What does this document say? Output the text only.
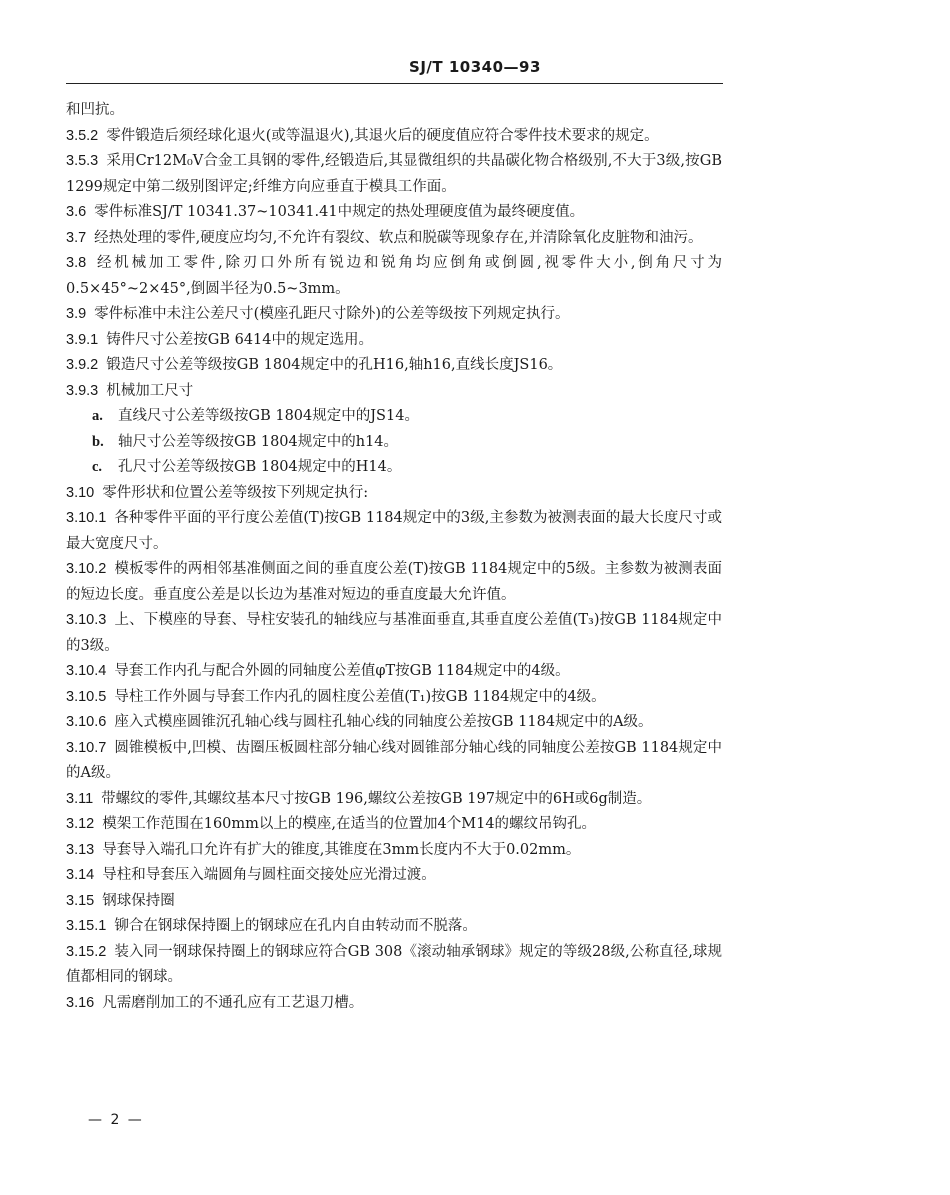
SJ/T 10340—93

和凹抗。

3.5.2 零件锻造后须经球化退火(或等温退火),其退火后的硬度值应符合零件技术要求的规定。

3.5.3 采用Cr12M₀V合金工具钢的零件,经锻造后,其显微组织的共晶碳化物合格级别,不大于3级,按GB 1299规定中第二级别图评定;纤维方向应垂直于模具工作面。

3.6 零件标准SJ/T 10341.37~10341.41中规定的热处理硬度值为最终硬度值。

3.7 经热处理的零件,硬度应均匀,不允许有裂纹、软点和脱碳等现象存在,并清除氧化皮脏物和油污。

3.8 经机械加工零件,除刃口外所有锐边和锐角均应倒角或倒圆,视零件大小,倒角尺寸为0.5×45°~2×45°,倒圆半径为0.5~3mm。

3.9 零件标准中未注公差尺寸(模座孔距尺寸除外)的公差等级按下列规定执行。

3.9.1 铸件尺寸公差按GB 6414中的规定选用。

3.9.2 锻造尺寸公差等级按GB 1804规定中的孔H16,轴h16,直线长度JS16。

3.9.3 机械加工尺寸

a. 直线尺寸公差等级按GB 1804规定中的JS14。

b. 轴尺寸公差等级按GB 1804规定中的h14。

c. 孔尺寸公差等级按GB 1804规定中的H14。

3.10 零件形状和位置公差等级按下列规定执行:

3.10.1 各种零件平面的平行度公差值(T)按GB 1184规定中的3级,主参数为被测表面的最大长度尺寸或最大宽度尺寸。

3.10.2 模板零件的两相邻基准侧面之间的垂直度公差(T)按GB 1184规定中的5级。主参数为被测表面的短边长度。垂直度公差是以长边为基准对短边的垂直度最大允许值。

3.10.3 上、下模座的导套、导柱安装孔的轴线应与基准面垂直,其垂直度公差值(T₃)按GB 1184规定中的3级。

3.10.4 导套工作内孔与配合外圆的同轴度公差值φT按GB 1184规定中的4级。

3.10.5 导柱工作外圆与导套工作内孔的圆柱度公差值(T₁)按GB 1184规定中的4级。

3.10.6 座入式模座圆锥沉孔轴心线与圆柱孔轴心线的同轴度公差按GB 1184规定中的A级。

3.10.7 圆锥模板中,凹模、齿圈压板圆柱部分轴心线对圆锥部分轴心线的同轴度公差按GB 1184规定中的A级。

3.11 带螺纹的零件,其螺纹基本尺寸按GB 196,螺纹公差按GB 197规定中的6H或6g制造。

3.12 模架工作范围在160mm以上的模座,在适当的位置加4个M14的螺纹吊钩孔。

3.13 导套导入端孔口允许有扩大的锥度,其锥度在3mm长度内不大于0.02mm。

3.14 导柱和导套压入端圆角与圆柱面交接处应光滑过渡。

3.15 钢球保持圈

3.15.1 铆合在钢球保持圈上的钢球应在孔内自由转动而不脱落。

3.15.2 装入同一钢球保持圈上的钢球应符合GB 308《滚动轴承钢球》规定的等级28级,公称直径,球规值都相同的钢球。

3.16 凡需磨削加工的不通孔应有工艺退刀槽。

— 2 —
